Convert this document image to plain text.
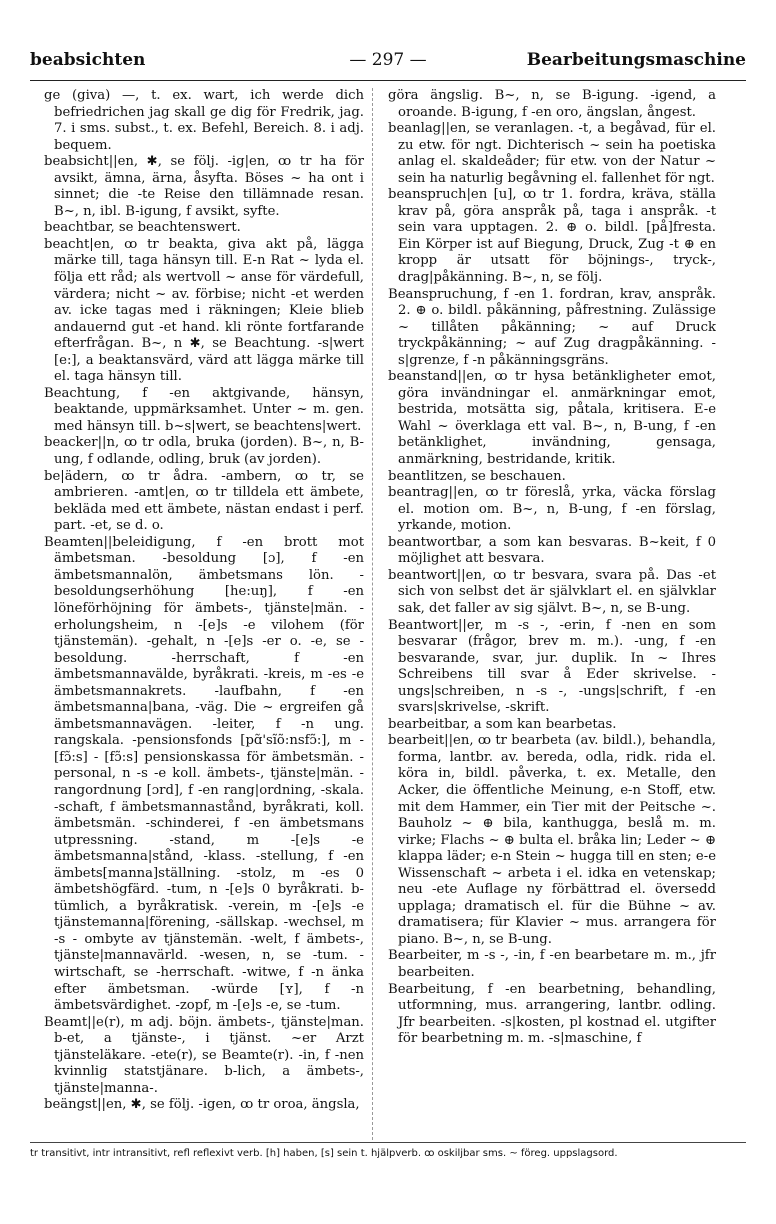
beabsichten	— 297 —	Bearbeitungsmaschine

ge (giva) —, t. ex. wart, ich werde dich befriedrichen jag skall ge dig för Fredrik, jag. 7. i sms. subst., t. ex. Befehl, Bereich. 8. i adj. bequem.

beabsicht||en, ✱, se följ. -ig|en, ꝏ tr ha för avsikt, ämna, ärna, åsyfta. Böses ~ ha ont i sinnet; die -te Reise den tillämnade resan. B~, n, ibl. B-igung, f avsikt, syfte.

beachtbar, se beachtenswert.

beacht|en, ꝏ tr beakta, giva akt på, lägga märke till, taga hänsyn till. E-n Rat ~ lyda el. följa ett råd; als wertvoll ~ anse för värdefull, värdera; nicht ~ av. förbise; nicht -et werden av. icke tagas med i räkningen; Kleie blieb andauernd gut -et hand. kli rönte fortfarande efterfrågan. B~, n ✱, se Beachtung. -s|wert [e:], a beaktansvärd, värd att lägga märke till el. taga hänsyn till.

Beachtung, f -en aktgivande, hänsyn, beaktande, uppmärksamhet. Unter ~ m. gen. med hänsyn till. b~s|wert, se beachtens|wert.

beacker||n, ꝏ tr odla, bruka (jorden). B~, n, B-ung, f odlande, odling, bruk (av jorden).

be|ädern, ꝏ tr ådra. -ambern, ꝏ tr, se ambrieren. -amt|en, ꝏ tr tilldela ett ämbete, bekläda med ett ämbete, nästan endast i perf. part. -et, se d. o.

Beamten||beleidigung, f -en brott mot ämbetsman. -besoldung [ɔ], f -en ämbetsmannalön, ämbetsmans lön. -besoldungserhöhung [he:uŋ], f -en löneförhöjning för ämbets-, tjänste|män. -erholungsheim, n -[e]s -e vilohem (för tjänstemän). -gehalt, n -[e]s -er o. -e, se -besoldung. -herrschaft, f -en ämbetsmannavälde, byråkrati. -kreis, m -es -e ämbetsmannakrets. -laufbahn, f -en ämbetsmanna|bana, -väg. Die ~ ergreifen gå ämbetsmannavägen. -leiter, f -n ung. rangskala. -pensionsfonds [pɑ̃'sĩõ:nsfɔ̃:], m - [fɔ̃:s] - [fɔ̃:s] pensionskassa för ämbetsmän. -personal, n -s -e koll. ämbets-, tjänste|män. -rangordnung [ɔrd], f -en rang|ordning, -skala. -schaft, f ämbetsmannastånd, byråkrati, koll. ämbetsmän. -schinderei, f -en ämbetsmans utpressning. -stand, m -[e]s -e ämbetsmanna|stånd, -klass. -stellung, f -en ämbets[manna]ställning. -stolz, m -es 0 ämbetshögfärd. -tum, n -[e]s 0 byråkrati. b-tümlich, a byråkratisk. -verein, m -[e]s -e tjänstemanna|förening, -sällskap. -wechsel, m -s - ombyte av tjänstemän. -welt, f ämbets-, tjänste|mannavärld. -wesen, n, se -tum. -wirtschaft, se -herrschaft. -witwe, f -n änka efter ämbetsman. -würde [ʏ], f -n ämbetsvärdighet. -zopf, m -[e]s -e, se -tum.

Beamt||e(r), m adj. böjn. ämbets-, tjänste|man. b-et, a tjänste-, i tjänst. ~er Arzt tjänsteläkare. -ete(r), se Beamte(r). -in, f -nen kvinnlig statstjänare. b-lich, a ämbets-, tjänste|manna-.

beängst||en, ✱, se följ. -igen, ꝏ tr oroa, ängsla,

göra ängslig. B~, n, se B-igung. -igend, a oroande. B-igung, f -en oro, ängslan, ångest.

beanlag||en, se veranlagen. -t, a begåvad, für el. zu etw. för ngt. Dichterisch ~ sein ha poetiska anlag el. skaldeåder; für etw. von der Natur ~ sein ha naturlig begåvning el. fallenhet för ngt.

beanspruch|en [u], ꝏ tr 1. fordra, kräva, ställa krav på, göra anspråk på, taga i anspråk. -t sein vara upptagen. 2. ⊕ o. bildl. [på]fresta. Ein Körper ist auf Biegung, Druck, Zug -t ⊕ en kropp är utsatt för böjnings-, tryck-, drag|påkänning. B~, n, se följ.

Beanspruchung, f -en 1. fordran, krav, anspråk. 2. ⊕ o. bildl. påkänning, påfrestning. Zulässige ~ tillåten påkänning; ~ auf Druck tryckpåkänning; ~ auf Zug dragpåkänning. -s|grenze, f -n påkänningsgräns.

beanstand||en, ꝏ tr hysa betänkligheter emot, göra invändningar el. anmärkningar emot, bestrida, motsätta sig, påtala, kritisera. E-e Wahl ~ överklaga ett val. B~, n, B-ung, f -en betänklighet, invändning, gensaga, anmärkning, bestridande, kritik.

beantlitzen, se beschauen.

beantrag||en, ꝏ tr föreslå, yrka, väcka förslag el. motion om. B~, n, B-ung, f -en förslag, yrkande, motion.

beantwortbar, a som kan besvaras. B~keit, f 0 möjlighet att besvara.

beantwort||en, ꝏ tr besvara, svara på. Das -et sich von selbst det är självklart el. en självklar sak, det faller av sig självt. B~, n, se B-ung.

Beantwort||er, m -s -, -erin, f -nen en som besvarar (frågor, brev m. m.). -ung, f -en besvarande, svar, jur. duplik. In ~ Ihres Schreibens till svar å Eder skrivelse. -ungs|schreiben, n -s -, -ungs|schrift, f -en svars|skrivelse, -skrift.

bearbeitbar, a som kan bearbetas.

bearbeit||en, ꝏ tr bearbeta (av. bildl.), behandla, forma, lantbr. av. bereda, odla, ridk. rida el. köra in, bildl. påverka, t. ex. Metalle, den Acker, die öffentliche Meinung, e-n Stoff, etw. mit dem Hammer, ein Tier mit der Peitsche ~. Bauholz ~ ⊕ bila, kanthugga, beslå m. m. virke; Flachs ~ ⊕ bulta el. bråka lin; Leder ~ ⊕ klappa läder; e-n Stein ~ hugga till en sten; e-e Wissenschaft ~ arbeta i el. idka en vetenskap; neu -ete Auflage ny förbättrad el. översedd upplaga; dramatisch el. für die Bühne ~ av. dramatisera; für Klavier ~ mus. arrangera för piano. B~, n, se B-ung.

Bearbeiter, m -s -, -in, f -en bearbetare m. m., jfr bearbeiten.

Bearbeitung, f -en bearbetning, behandling, utformning, mus. arrangering, lantbr. odling. Jfr bearbeiten. -s|kosten, pl kostnad el. utgifter för bearbetning m. m. -s|maschine, f

tr transitivt, intr intransitivt, refl reflexivt verb. [h] haben, [s] sein t. hjälpverb. ꝏ oskiljbar sms. ~ föreg. uppslagsord.
